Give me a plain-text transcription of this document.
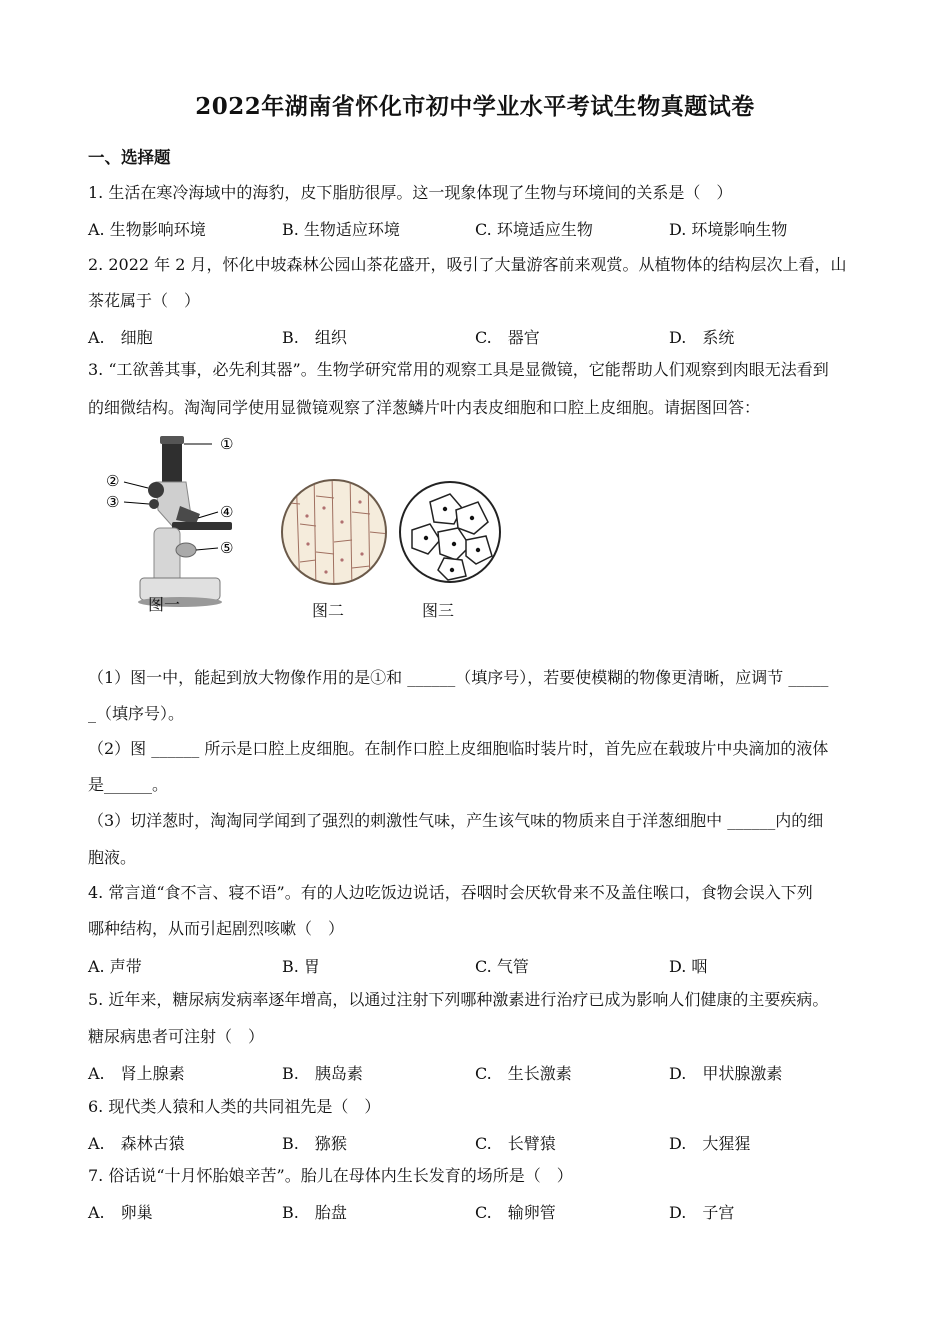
2022年湖南省怀化市初中学业水平考试生物真题试卷
一、选择题
1. 生活在寒冷海域中的海豹，皮下脂肪很厚。这一现象体现了生物与环境间的关系是（　）
A. 生物影响环境	B. 生物适应环境	C. 环境适应生物	D. 环境影响生物
2. 2022 年 2 月，怀化中坡森林公园山茶花盛开，吸引了大量游客前来观赏。从植物体的结构层次上看，山
茶花属于（　）
A.　细胞	B.　组织	C.　器官	D.　系统
3. “工欲善其事，必先利其器”。生物学研究常用的观察工具是显微镜，它能帮助人们观察到肉眼无法看到
的细微结构。淘淘同学使用显微镜观察了洋葱鳞片叶内表皮细胞和口腔上皮细胞。请据图回答：
①
②
③
④
⑤
图一	图二	图三
（1）图一中，能起到放大物像作用的是①和 ______（填序号），若要使模糊的物像更清晰，应调节 _____
_（填序号）。
（2）图 ______ 所示是口腔上皮细胞。在制作口腔上皮细胞临时装片时，首先应在载玻片中央滴加的液体
是______。
（3）切洋葱时，淘淘同学闻到了强烈的刺激性气味，产生该气味的物质来自于洋葱细胞中 ______内的细
胞液。
4. 常言道“食不言、寝不语”。有的人边吃饭边说话，吞咽时会厌软骨来不及盖住喉口，食物会误入下列
哪种结构，从而引起剧烈咳嗽（　）
A. 声带	B. 胃	C. 气管	D. 咽
5. 近年来，糖尿病发病率逐年增高，以通过注射下列哪种激素进行治疗已成为影响人们健康的主要疾病。
糖尿病患者可注射（　）
A.　肾上腺素	B.　胰岛素	C.　生长激素	D.　甲状腺激素
6. 现代类人猿和人类的共同祖先是（　）
A.　森林古猿	B.　猕猴	C.　长臂猿	D.　大猩猩
7. 俗话说“十月怀胎娘辛苦”。胎儿在母体内生长发育的场所是（　）
A.　卵巢	B.　胎盘	C.　输卵管	D.　子宫
